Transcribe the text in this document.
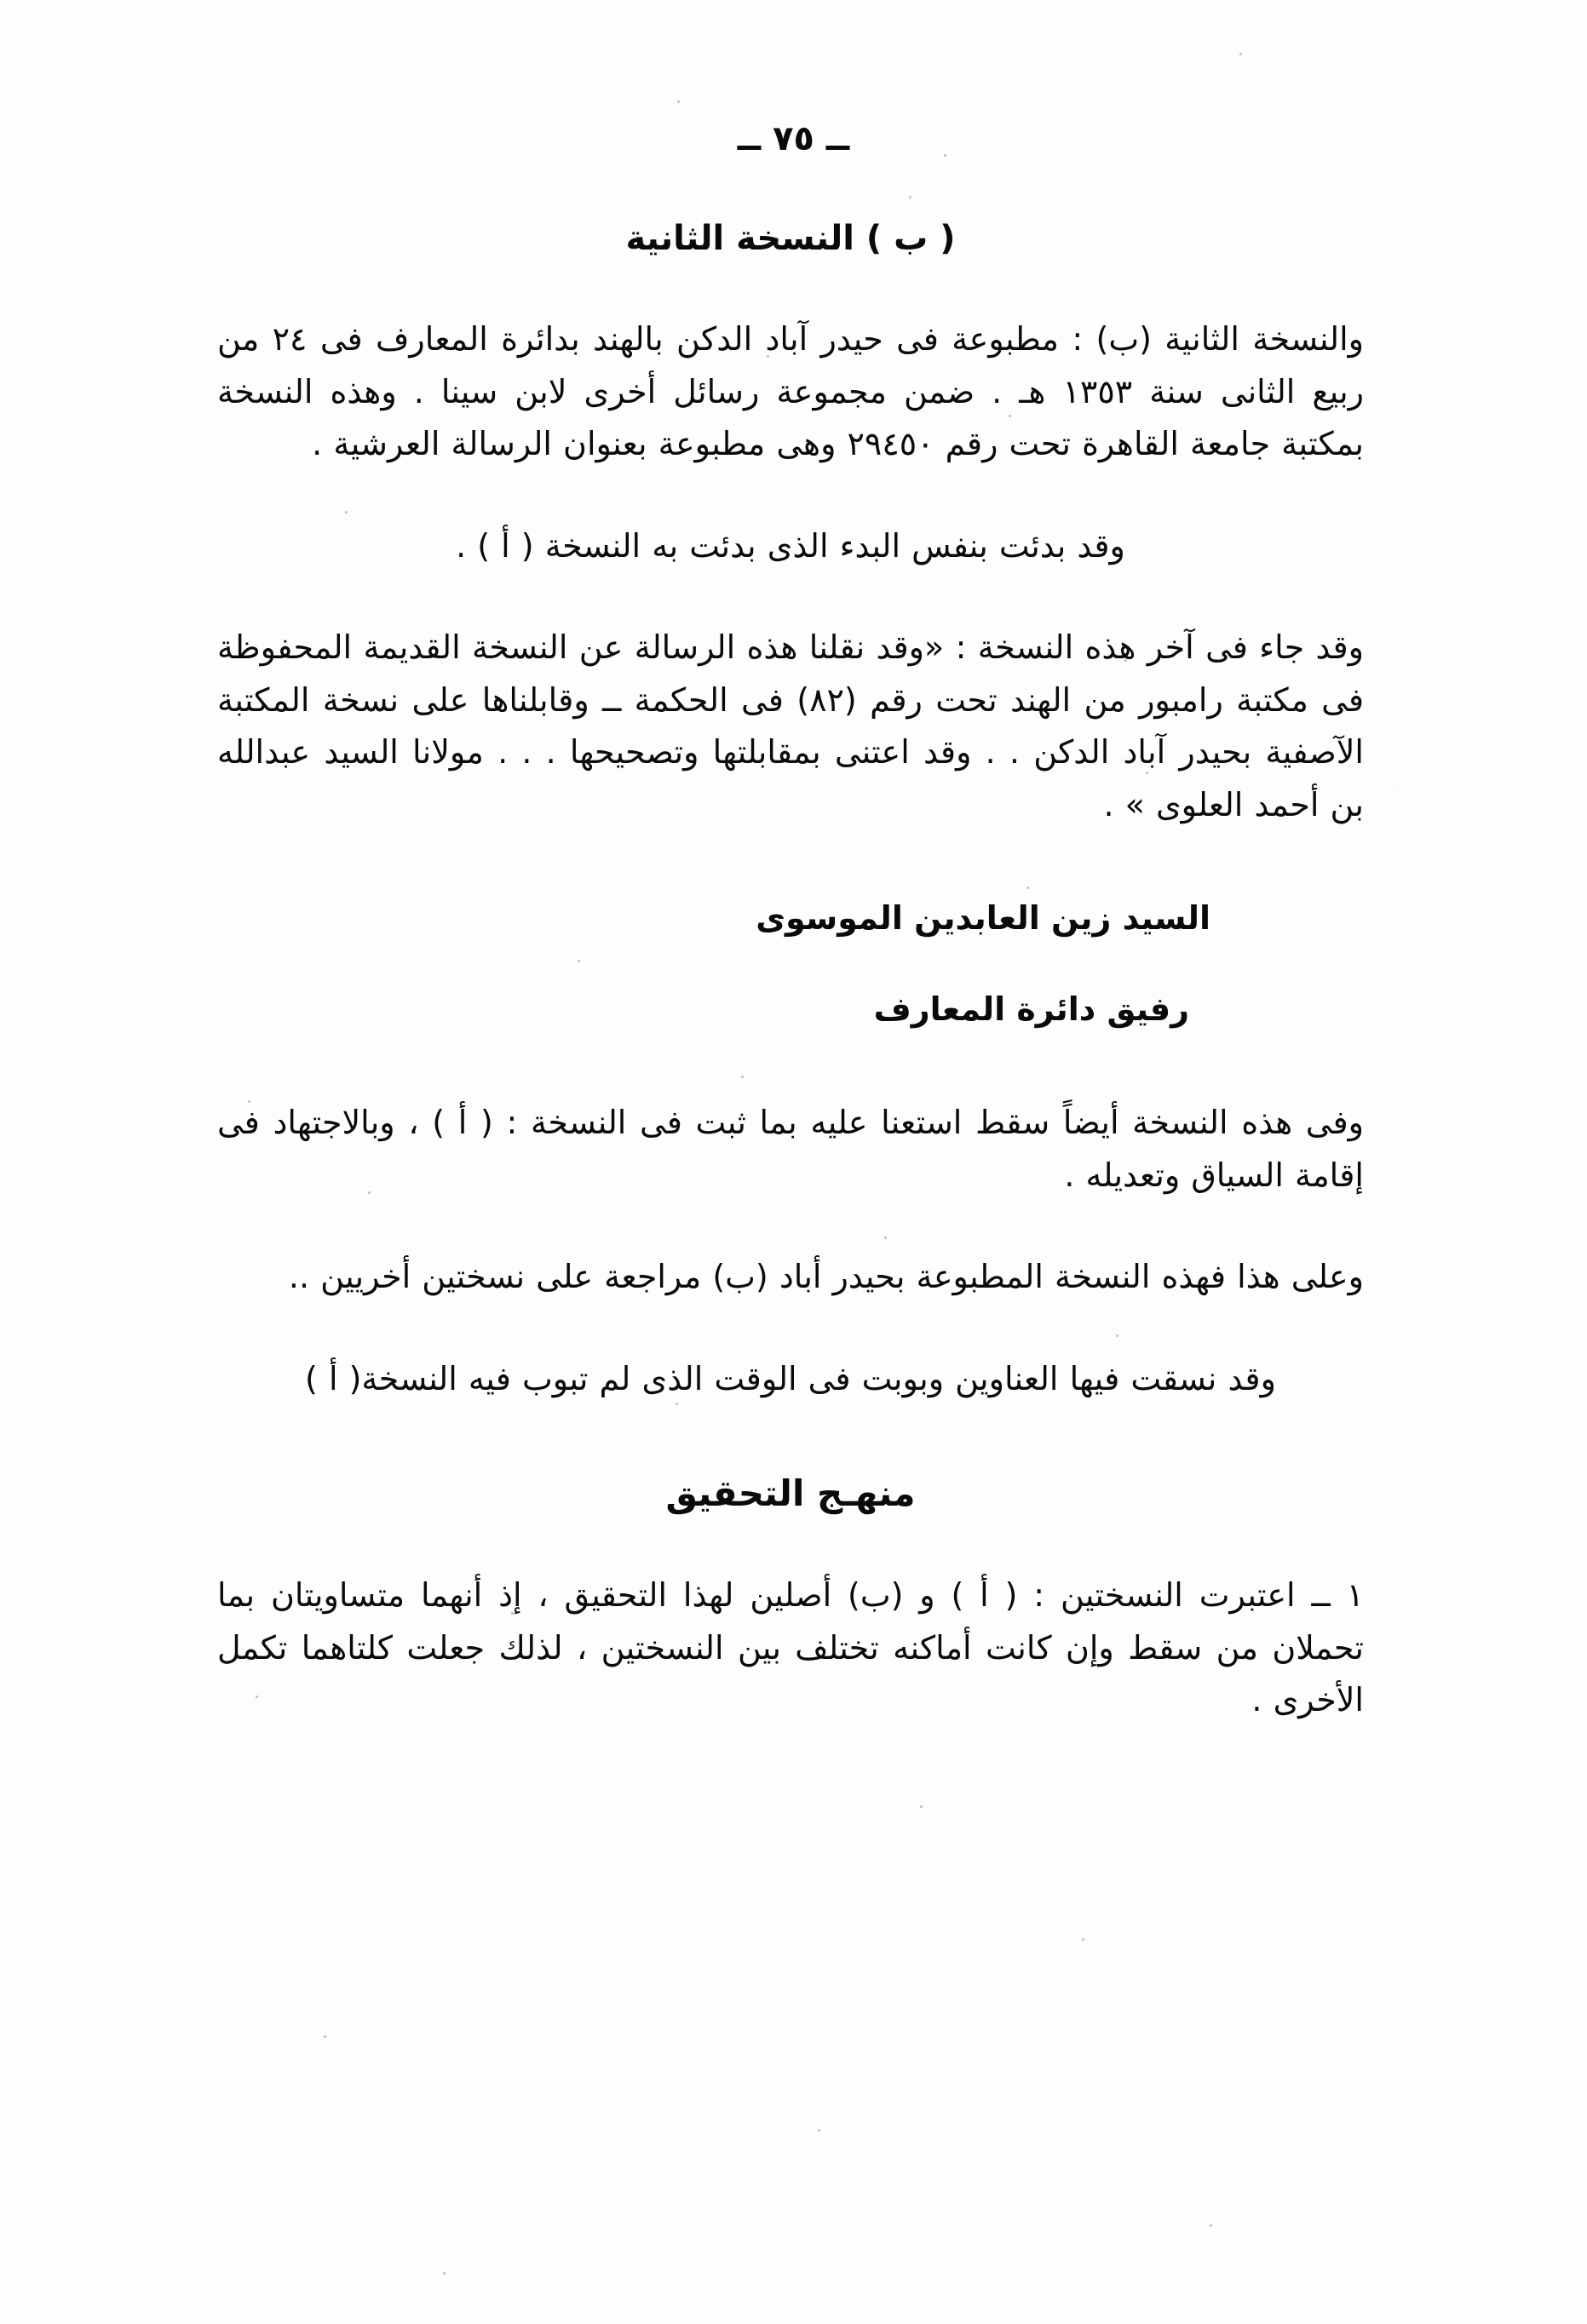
ــ ٧٥ ــ
( ب ) النسخة الثانية

والنسخة الثانية (ب) : مطبوعة فى حيدر آباد الدكن بالهند بدائرة المعارف فى ٢٤ من ربيع الثانى سنة ١٣٥٣ هـ . ضمن مجموعة رسائل أخرى لابن سينا . وهذه النسخة بمكتبة جامعة القاهرة تحت رقم ٢٩٤٥٠ وهى مطبوعة بعنوان الرسالة العرشية .

وقد بدئت بنفس البدء الذى بدئت به النسخة ( أ ) .

وقد جاء فى آخر هذه النسخة : «وقد نقلنا هذه الرسالة عن النسخة القديمة المحفوظة فى مكتبة رامبور من الهند تحت رقم (٨٢) فى الحكمة ــ وقابلناها على نسخة المكتبة الآصفية بحيدر آباد الدكن . . وقد اعتنى بمقابلتها وتصحيحها . . . مولانا السيد عبدالله بن أحمد العلوى » .

السيد زين العابدين الموسوى

رفيق دائرة المعارف

وفى هذه النسخة أيضاً سقط استعنا عليه بما ثبت فى النسخة : ( أ ) ، وبالاجتهاد فى إقامة السياق وتعديله .

وعلى هذا فهذه النسخة المطبوعة بحيدر أباد (ب) مراجعة على نسختين أخريين ..

وقد نسقت فيها العناوين وبوبت فى الوقت الذى لم تبوب فيه النسخة( أ )

منهـج التحقيق

١ ــ اعتبرت النسختين : ( أ ) و (ب) أصلين لهذا التحقيق ، إذ أنهما متساويتان بما تحملان من سقط وإن كانت أماكنه تختلف بين النسختين ، لذلك جعلت كلتاهما تكمل الأخرى .
